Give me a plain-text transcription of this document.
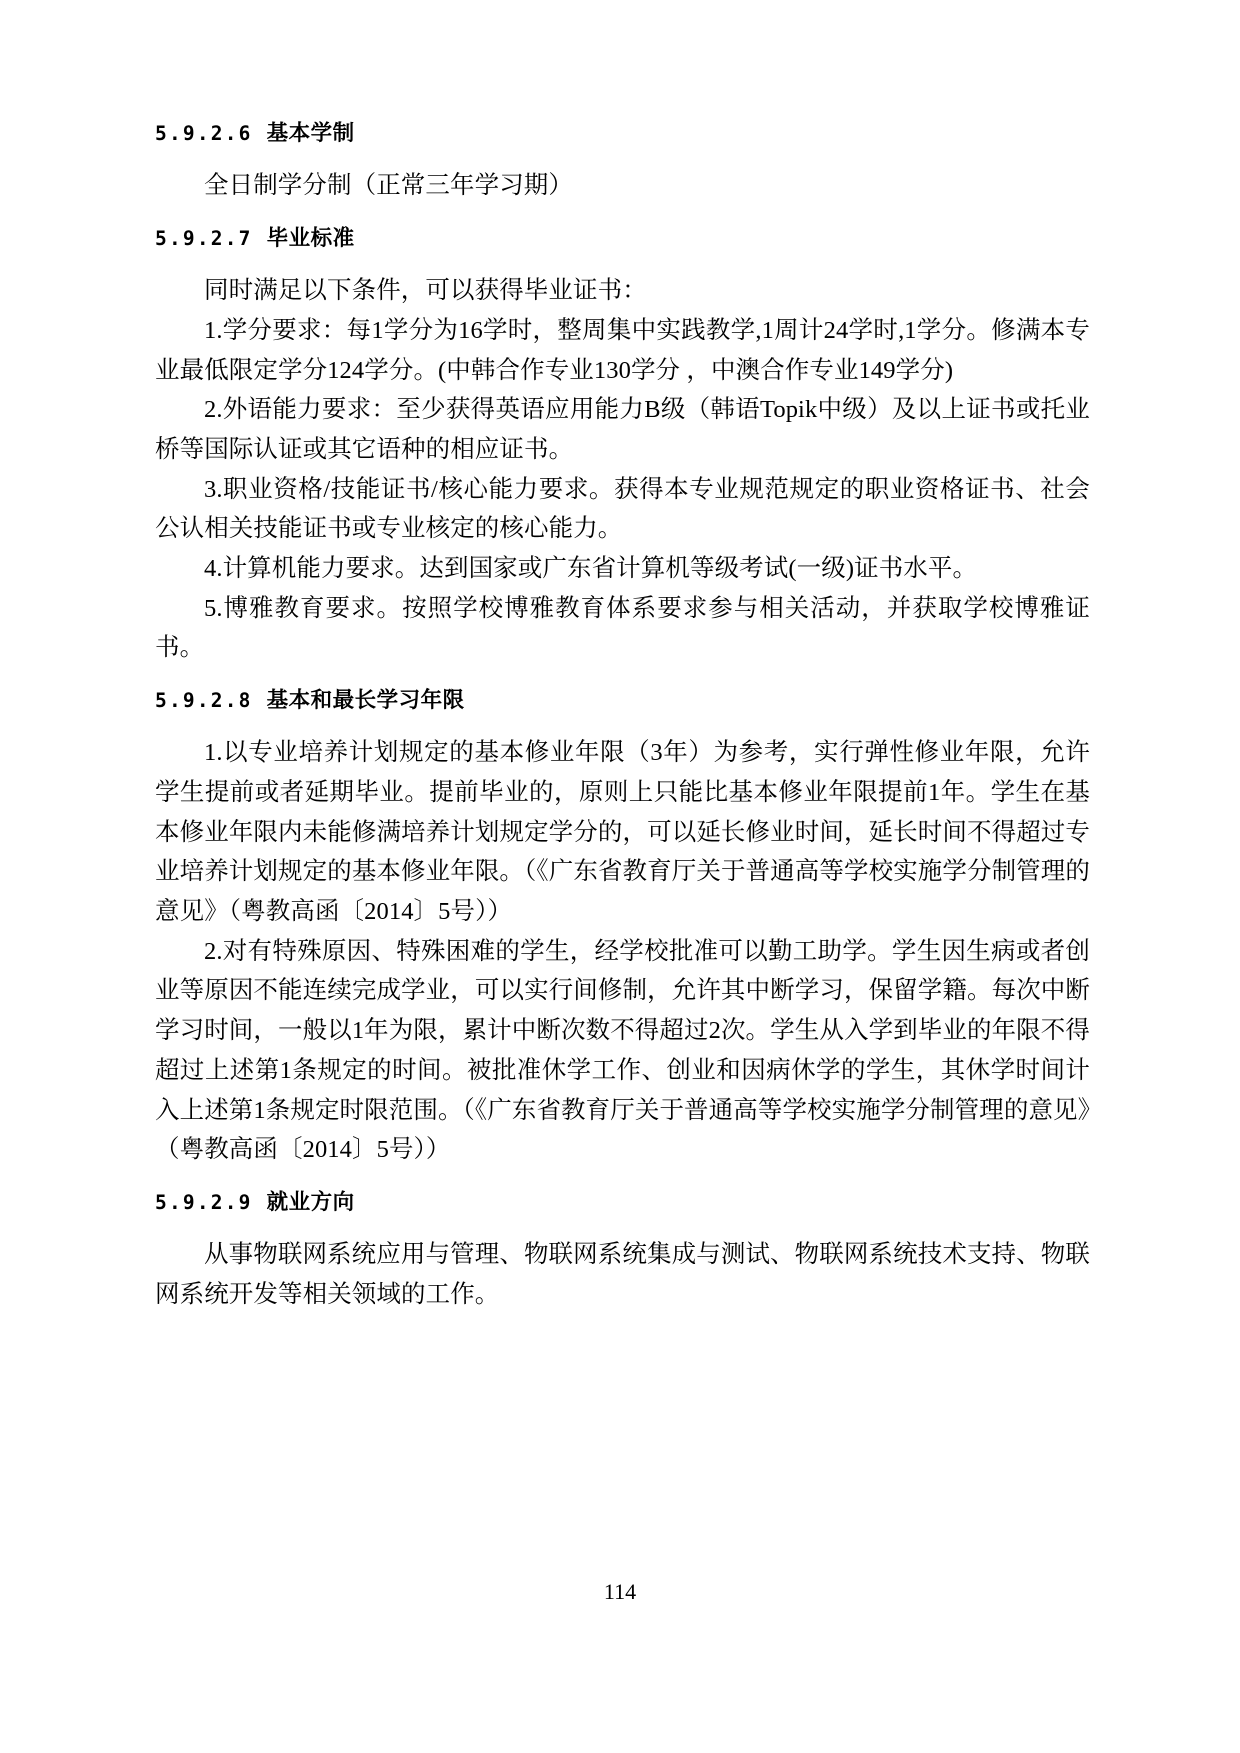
5.9.2.6 基本学制

全日制学分制（正常三年学习期）

5.9.2.7 毕业标准

同时满足以下条件，可以获得毕业证书：

1.学分要求：每1学分为16学时，整周集中实践教学,1周计24学时,1学分。修满本专业最低限定学分124学分。(中韩合作专业130学分 ，中澳合作专业149学分)

2.外语能力要求：至少获得英语应用能力B级（韩语Topik中级）及以上证书或托业桥等国际认证或其它语种的相应证书。

3.职业资格/技能证书/核心能力要求。获得本专业规范规定的职业资格证书、社会公认相关技能证书或专业核定的核心能力。

4.计算机能力要求。达到国家或广东省计算机等级考试(一级)证书水平。

5.博雅教育要求。按照学校博雅教育体系要求参与相关活动，并获取学校博雅证书。

5.9.2.8 基本和最长学习年限

1.以专业培养计划规定的基本修业年限（3年）为参考，实行弹性修业年限，允许学生提前或者延期毕业。提前毕业的，原则上只能比基本修业年限提前1年。学生在基本修业年限内未能修满培养计划规定学分的，可以延长修业时间，延长时间不得超过专业培养计划规定的基本修业年限。（《广东省教育厅关于普通高等学校实施学分制管理的意见》（粤教高函〔2014〕5号））

2.对有特殊原因、特殊困难的学生，经学校批准可以勤工助学。学生因生病或者创业等原因不能连续完成学业，可以实行间修制，允许其中断学习，保留学籍。每次中断学习时间，一般以1年为限，累计中断次数不得超过2次。学生从入学到毕业的年限不得超过上述第1条规定的时间。被批准休学工作、创业和因病休学的学生，其休学时间计入上述第1条规定时限范围。（《广东省教育厅关于普通高等学校实施学分制管理的意见》（粤教高函〔2014〕5号））

5.9.2.9 就业方向

从事物联网系统应用与管理、物联网系统集成与测试、物联网系统技术支持、物联网系统开发等相关领域的工作。

114
